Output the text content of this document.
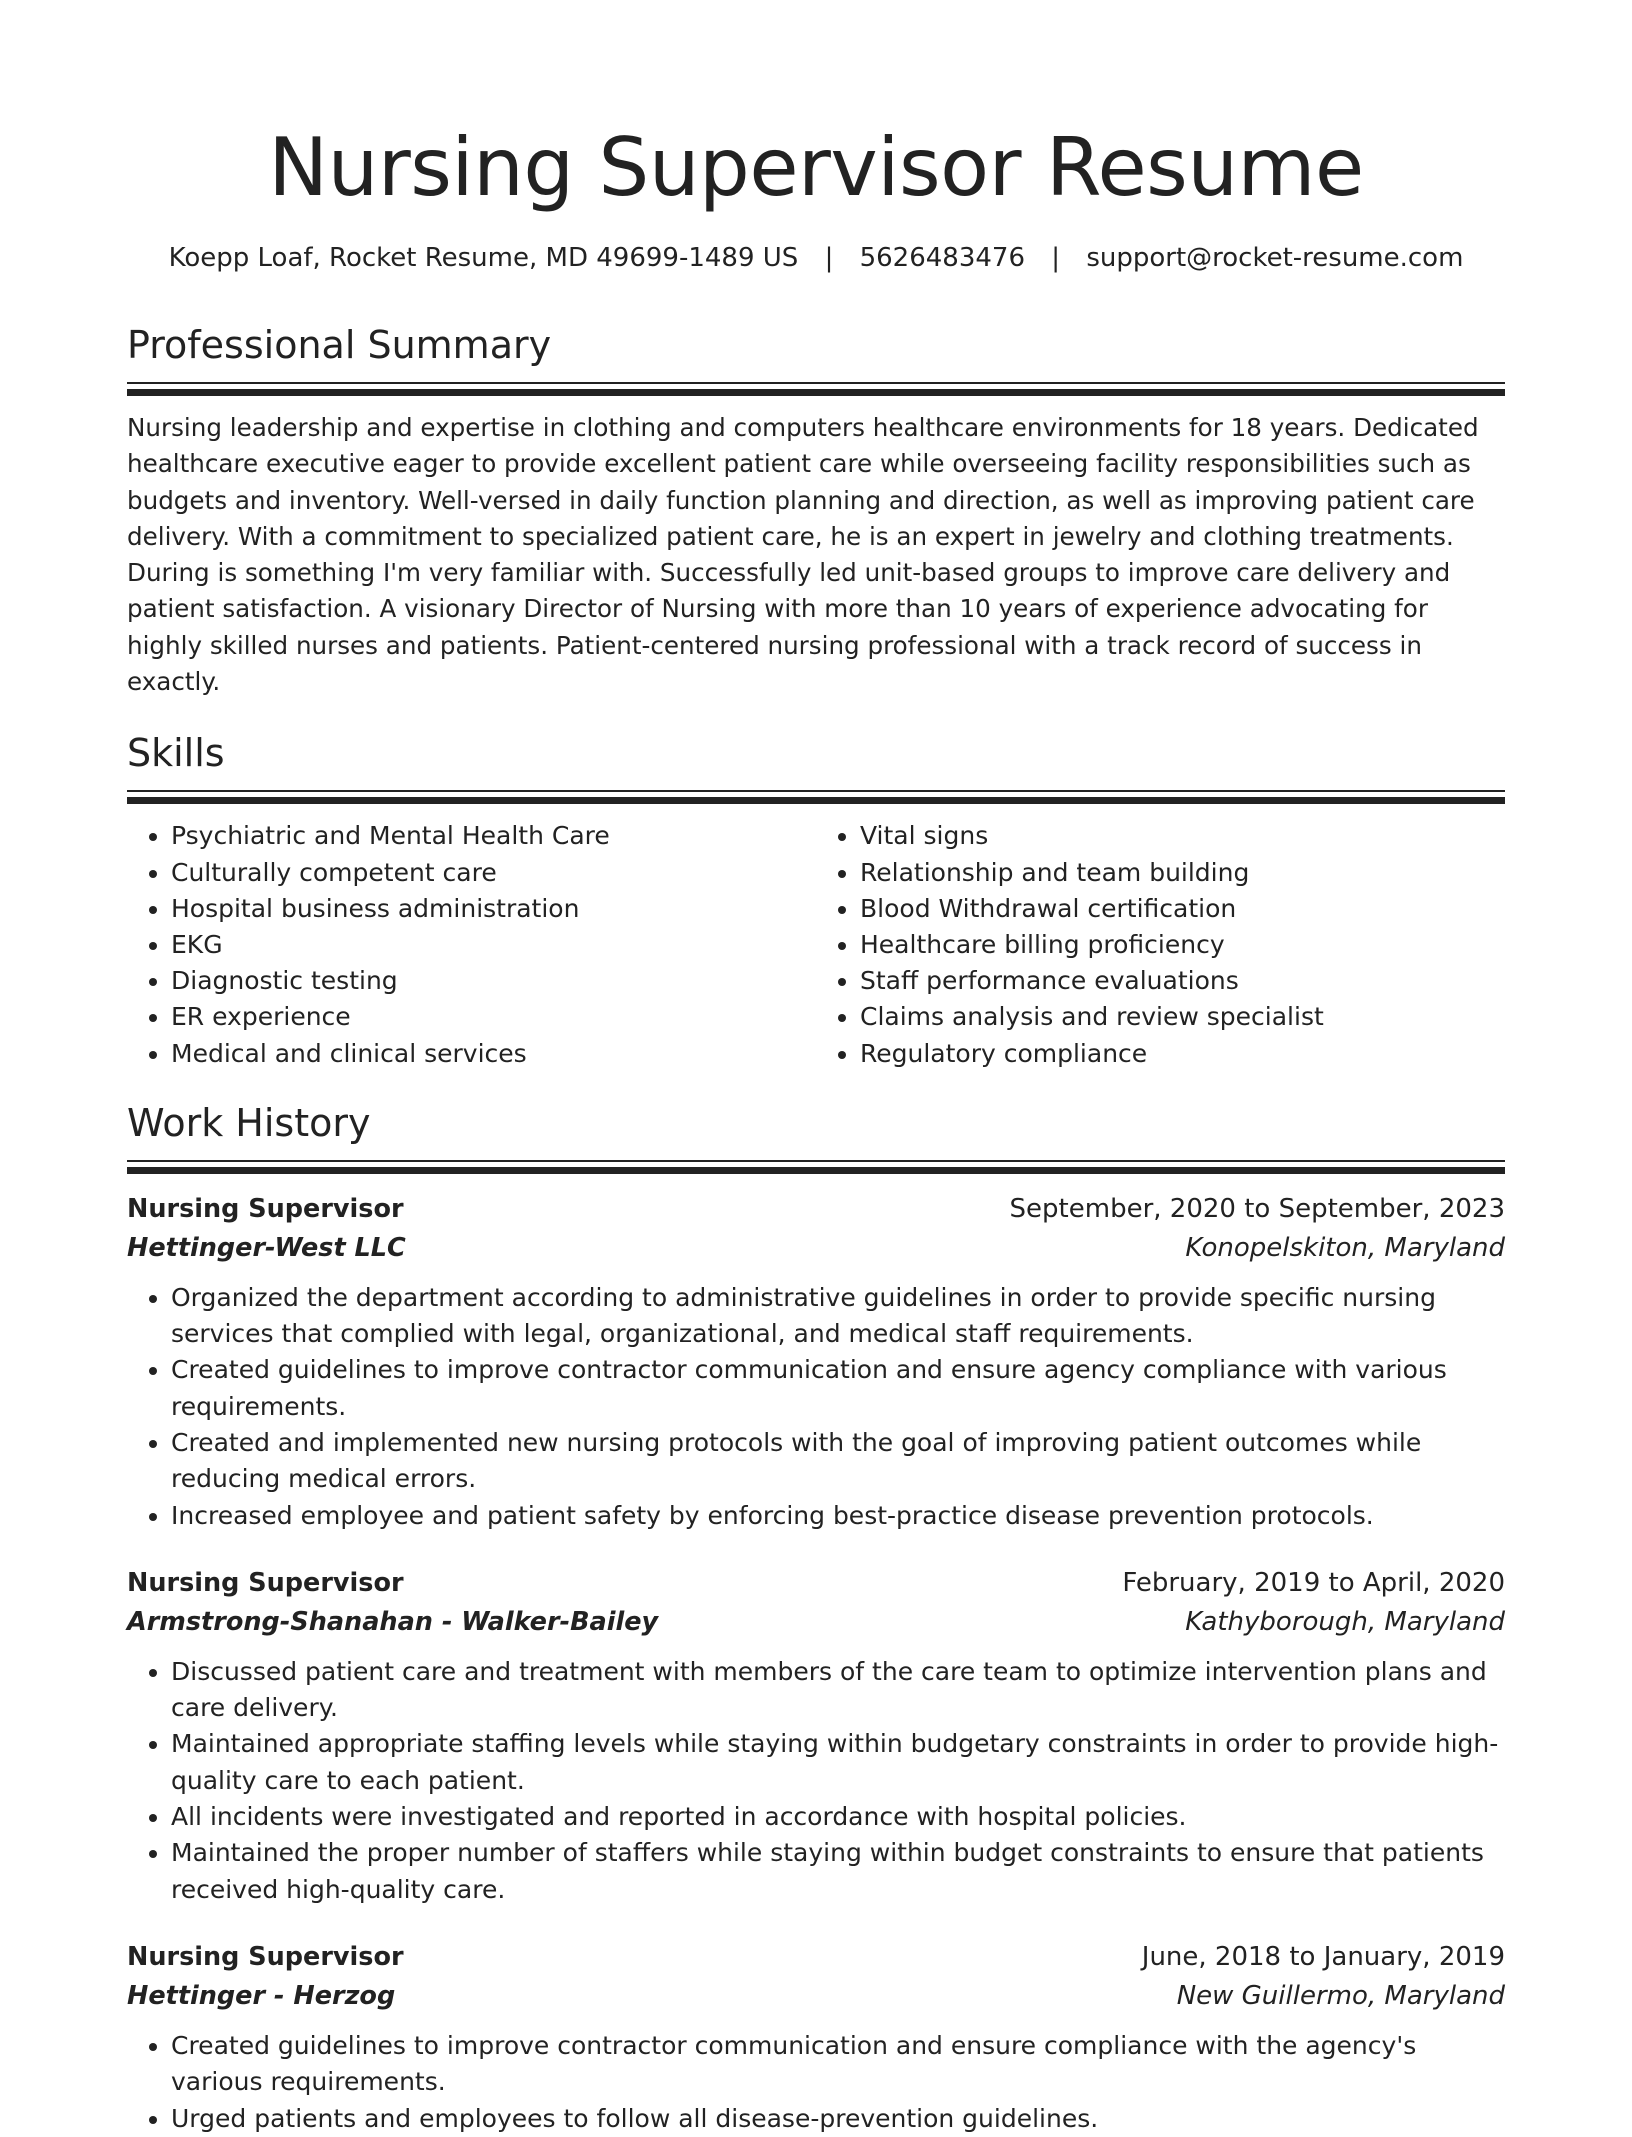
Nursing Supervisor Resume
Koepp Loaf, Rocket Resume, MD 49699-1489 US | 5626483476 | support@rocket-resume.com
Professional Summary

Nursing leadership and expertise in clothing and computers healthcare environments for 18 years. Dedicated healthcare executive eager to provide excellent patient care while overseeing facility responsibilities such as budgets and inventory. Well-versed in daily function planning and direction, as well as improving patient care delivery. With a commitment to specialized patient care, he is an expert in jewelry and clothing treatments. During is something I'm very familiar with. Successfully led unit-based groups to improve care delivery and patient satisfaction. A visionary Director of Nursing with more than 10 years of experience advocating for highly skilled nurses and patients. Patient-centered nursing professional with a track record of success in exactly.

Skills
• Psychiatric and Mental Health Care
• Culturally competent care
• Hospital business administration
• EKG
• Diagnostic testing
• ER experience
• Medical and clinical services
• Vital signs
• Relationship and team building
• Blood Withdrawal certification
• Healthcare billing proficiency
• Staff performance evaluations
• Claims analysis and review specialist
• Regulatory compliance
Work History
Nursing Supervisor	September, 2020 to September, 2023
Hettinger-West LLC	Konopelskiton, Maryland
• Organized the department according to administrative guidelines in order to provide specific nursing services that complied with legal, organizational, and medical staff requirements.
• Created guidelines to improve contractor communication and ensure agency compliance with various requirements.
• Created and implemented new nursing protocols with the goal of improving patient outcomes while reducing medical errors.
• Increased employee and patient safety by enforcing best-practice disease prevention protocols.
Nursing Supervisor	February, 2019 to April, 2020
Armstrong-Shanahan - Walker-Bailey	Kathyborough, Maryland
• Discussed patient care and treatment with members of the care team to optimize intervention plans and care delivery.
• Maintained appropriate staffing levels while staying within budgetary constraints in order to provide high-quality care to each patient.
• All incidents were investigated and reported in accordance with hospital policies.
• Maintained the proper number of staffers while staying within budget constraints to ensure that patients received high-quality care.
Nursing Supervisor	June, 2018 to January, 2019
Hettinger - Herzog	New Guillermo, Maryland
• Created guidelines to improve contractor communication and ensure compliance with the agency's various requirements.
• Urged patients and employees to follow all disease-prevention guidelines.
